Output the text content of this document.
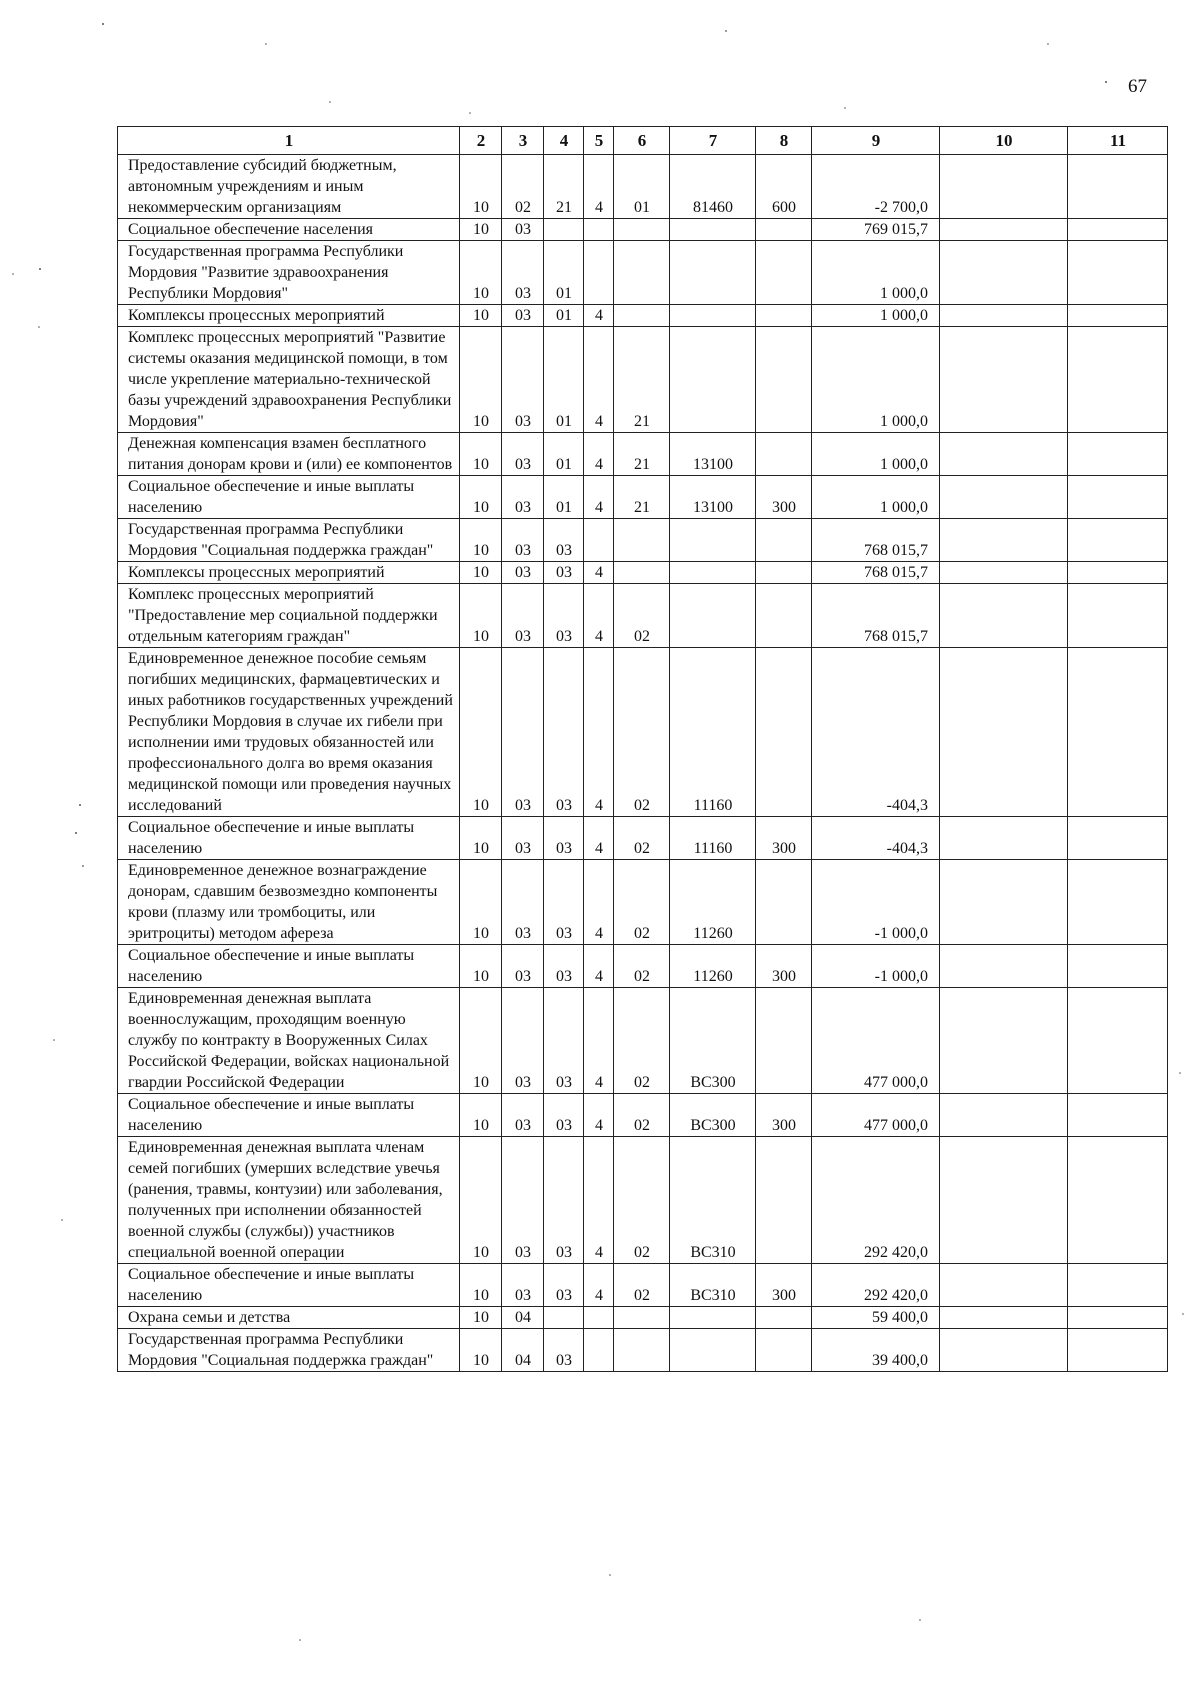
67
1	2	3	4	5	6	7	8	9	10	11
Предоставление субсидий бюджетным, автономным учреждениям и иным некоммерческим организациям	10	02	21	4	01	81460	600	-2 700,0		
Социальное обеспечение населения	10	03						769 015,7		
Государственная программа Республики Мордовия "Развитие здравоохранения Республики Мордовия"	10	03	01					1 000,0		
Комплексы процессных мероприятий	10	03	01	4				1 000,0		
Комплекс процессных мероприятий "Развитие системы оказания медицинской помощи, в том числе укрепление материально-технической базы учреждений здравоохранения Республики Мордовия"	10	03	01	4	21			1 000,0		
Денежная компенсация взамен бесплатного питания донорам крови и (или) ее компонентов	10	03	01	4	21	13100		1 000,0		
Социальное обеспечение и иные выплаты населению	10	03	01	4	21	13100	300	1 000,0		
Государственная программа Республики Мордовия "Социальная поддержка граждан"	10	03	03					768 015,7		
Комплексы процессных мероприятий	10	03	03	4				768 015,7		
Комплекс процессных мероприятий "Предоставление мер социальной поддержки отдельным категориям граждан"	10	03	03	4	02			768 015,7		
Единовременное денежное пособие семьям погибших медицинских, фармацевтических и иных работников государственных учреждений Республики Мордовия в случае их гибели при исполнении ими трудовых обязанностей или профессионального долга во время оказания медицинской помощи или проведения научных исследований	10	03	03	4	02	11160		-404,3		
Социальное обеспечение и иные выплаты населению	10	03	03	4	02	11160	300	-404,3		
Единовременное денежное вознаграждение донорам, сдавшим безвозмездно компоненты крови (плазму или тромбоциты, или эритроциты) методом афереза	10	03	03	4	02	11260		-1 000,0		
Социальное обеспечение и иные выплаты населению	10	03	03	4	02	11260	300	-1 000,0		
Единовременная денежная выплата военнослужащим, проходящим военную службу по контракту в Вооруженных Силах Российской Федерации, войсках национальной гвардии Российской Федерации	10	03	03	4	02	ВС300		477 000,0		
Социальное обеспечение и иные выплаты населению	10	03	03	4	02	ВС300	300	477 000,0		
Единовременная денежная выплата членам семей погибших (умерших вследствие увечья (ранения, травмы, контузии) или заболевания, полученных при исполнении обязанностей военной службы (службы)) участников специальной военной операции	10	03	03	4	02	ВС310		292 420,0		
Социальное обеспечение и иные выплаты населению	10	03	03	4	02	ВС310	300	292 420,0		
Охрана семьи и детства	10	04						59 400,0		
Государственная программа Республики Мордовия "Социальная поддержка граждан"	10	04	03					39 400,0		
